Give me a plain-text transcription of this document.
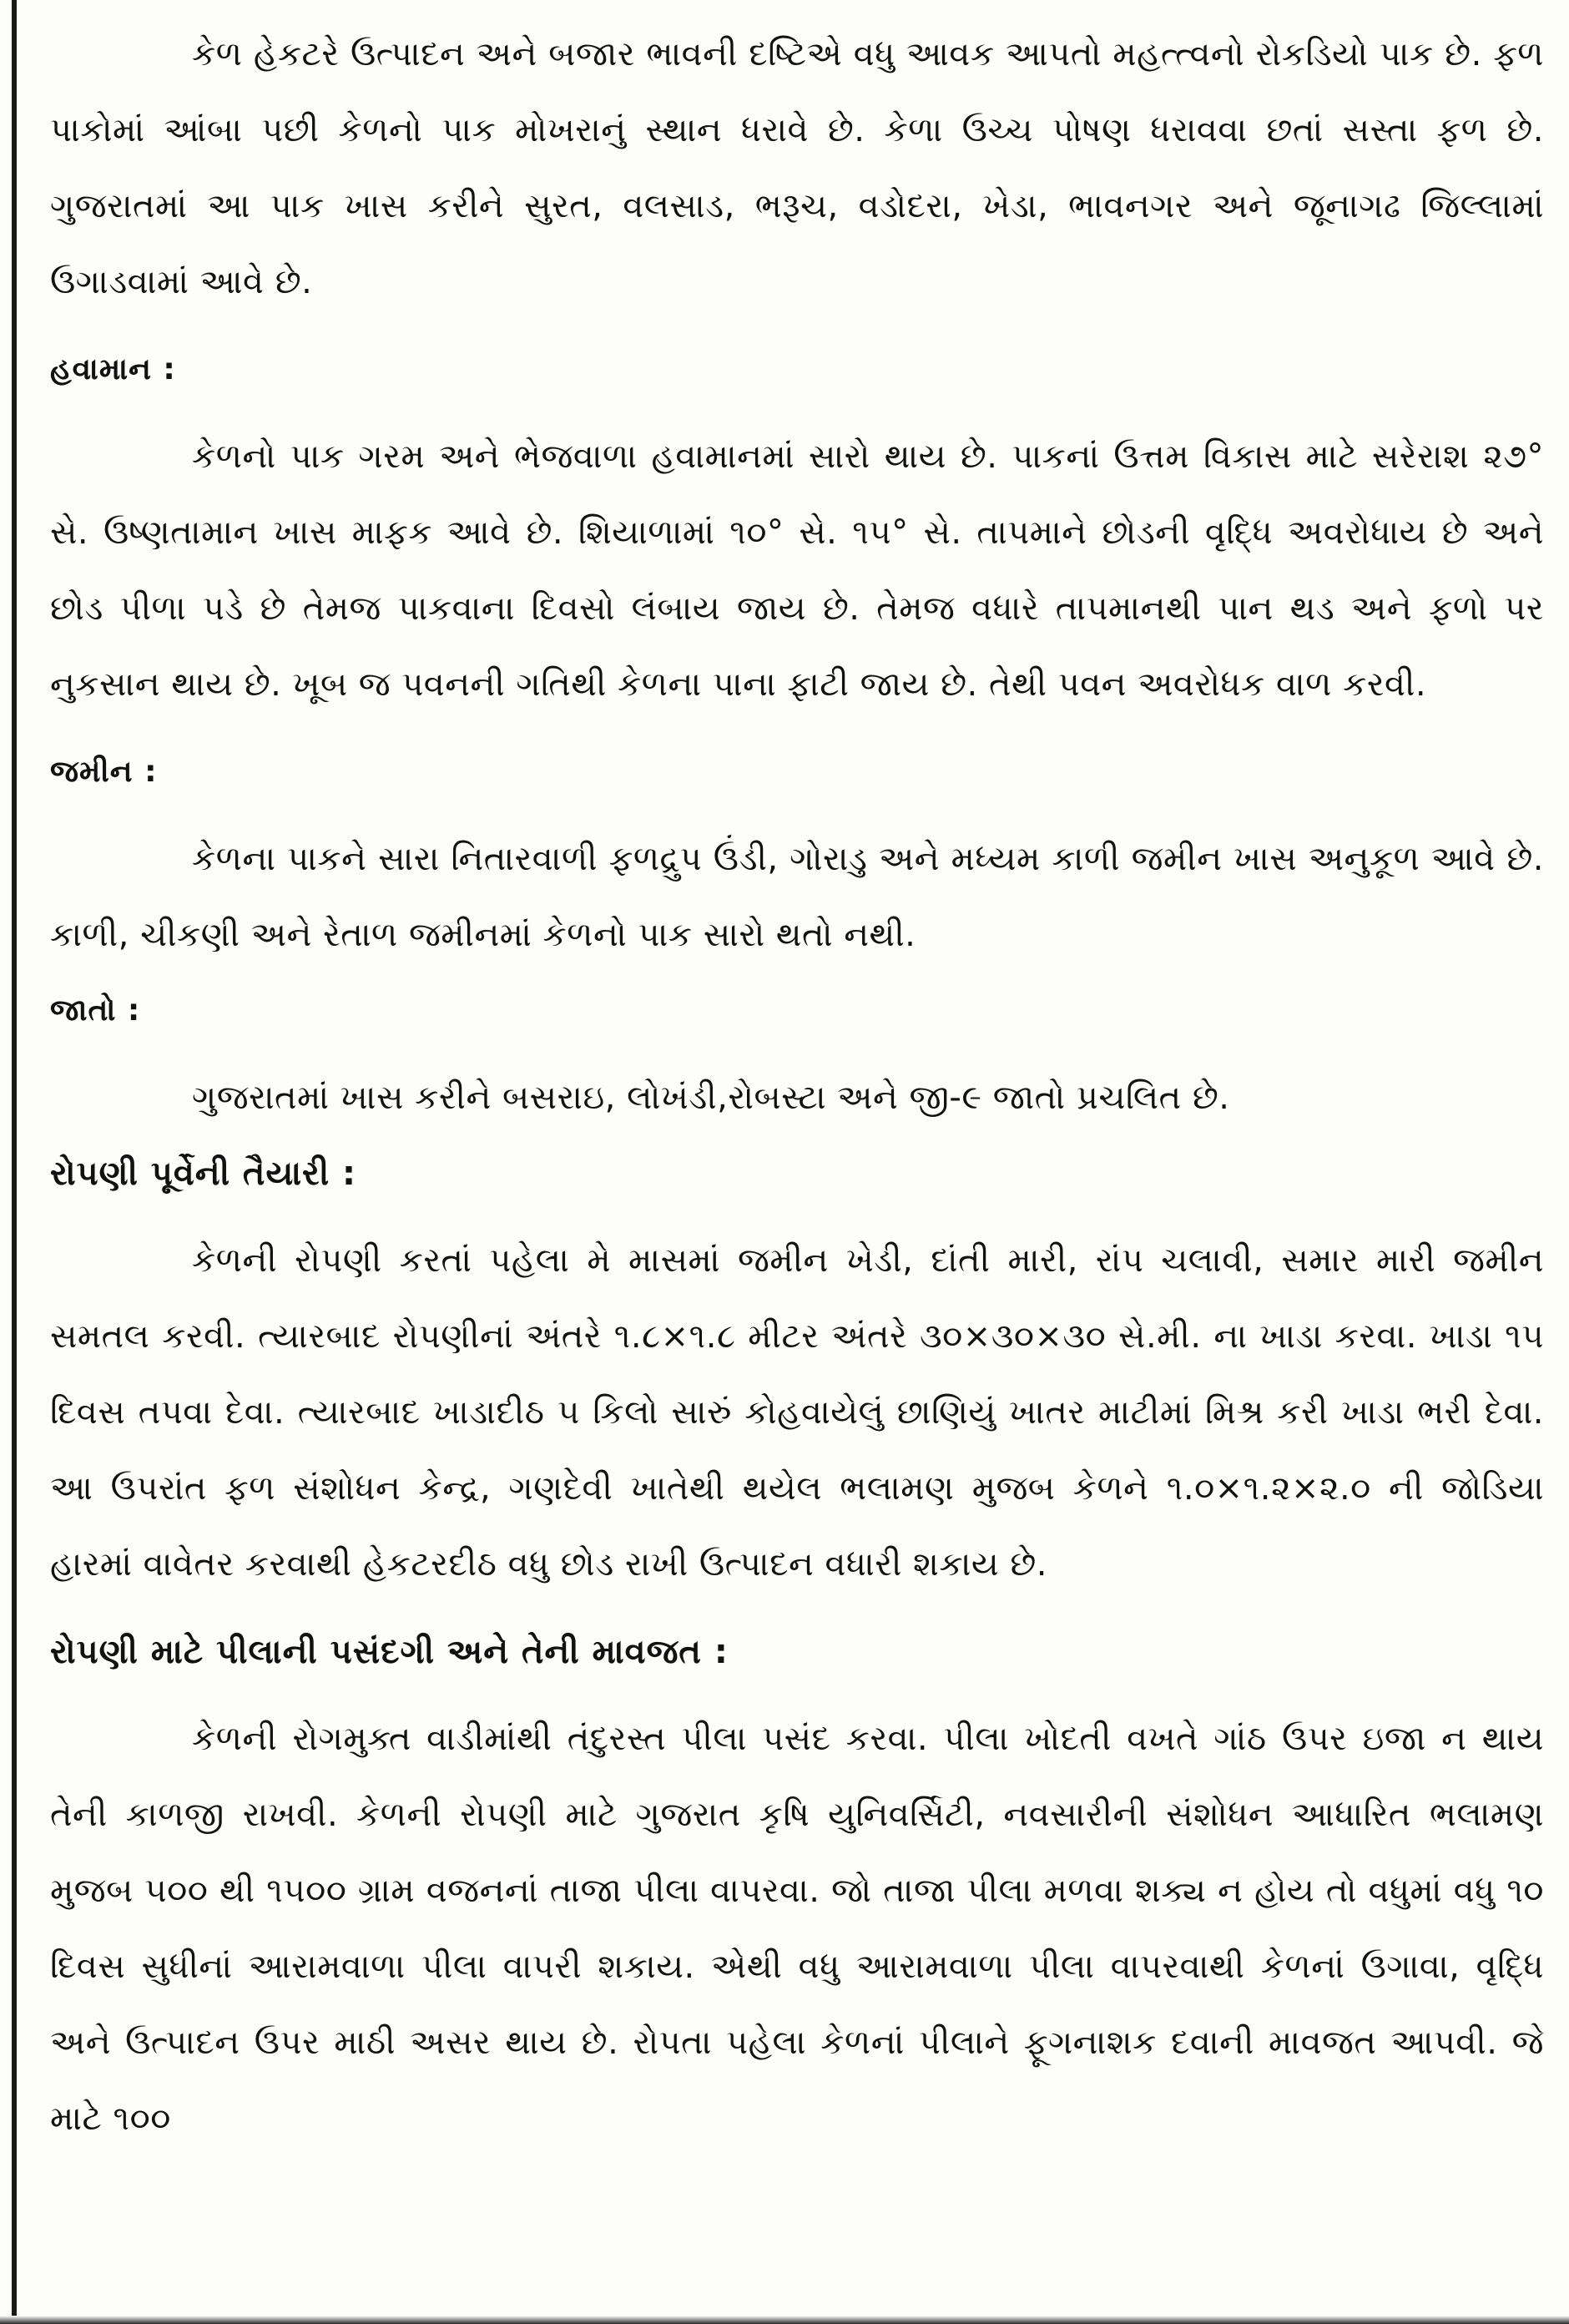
કેળ હેકટરે ઉત્પાદન અને બજાર ભાવની દષ્ટિએ વધુ આવક આપતો મહત્ત્વનો રોકડિયો પાક છે. ફળ પાકોમાં આંબા પછી કેળનો પાક મોખરાનું સ્થાન ધરાવે છે. કેળા ઉચ્ચ પોષણ ધરાવવા છતાં સસ્તા ફળ છે. ગુજરાતમાં આ પાક ખાસ કરીને સુરત, વલસાડ, ભરૂચ, વડોદરા, ખેડા, ભાવનગર અને જૂનાગઢ જિલ્લામાં ઉગાડવામાં આવે છે.

હવામાન :

કેળનો પાક ગરમ અને ભેજવાળા હવામાનમાં સારો થાય છે. પાકનાં ઉત્તમ વિકાસ માટે સરેરાશ ૨૭° સે. ઉષ્ણતામાન ખાસ માફક આવે છે. શિયાળામાં ૧૦° સે. ૧૫° સે. તાપમાને છોડની વૃદ્ધિ અવરોધાય છે અને છોડ પીળા પડે છે તેમજ પાકવાના દિવસો લંબાય જાય છે. તેમજ વધારે તાપમાનથી પાન થડ અને ફળો પર નુકસાન થાય છે. ખૂબ જ પવનની ગતિથી કેળના પાના ફાટી જાય છે. તેથી પવન અવરોધક વાળ કરવી.

જમીન :

કેળના પાકને સારા નિતારવાળી ફળદ્રુપ ઉંડી, ગોરાડુ અને મધ્યમ કાળી જમીન ખાસ અનુકૂળ આવે છે. કાળી, ચીકણી અને રેતાળ જમીનમાં કેળનો પાક સારો થતો નથી.

જાતો :

ગુજરાતમાં ખાસ કરીને બસરાઇ, લોખંડી,રોબસ્ટા અને જી-૯ જાતો પ્રચલિત છે.

રોપણી પૂર્વેની તૈયારી :

કેળની રોપણી કરતાં પહેલા મે માસમાં જમીન ખેડી, દાંતી મારી, રાંપ ચલાવી, સમાર મારી જમીન સમતલ કરવી. ત્યારબાદ રોપણીનાં અંતરે ૧.૮×૧.૮ મીટર અંતરે ૩૦×૩૦×૩૦ સે.મી. ના ખાડા કરવા. ખાડા ૧૫ દિવસ તપવા દેવા. ત્યારબાદ ખાડાદીઠ ૫ કિલો સારું કોહવાયેલું છાણિયું ખાતર માટીમાં મિશ્ર કરી ખાડા ભરી દેવા. આ ઉપરાંત ફળ સંશોધન કેન્દ્ર, ગણદેવી ખાતેથી થયેલ ભલામણ મુજબ કેળને ૧.૦×૧.૨×૨.૦ ની જોડિયા હારમાં વાવેતર કરવાથી હેકટરદીઠ વધુ છોડ રાખી ઉત્પાદન વધારી શકાય છે.

રોપણી માટે પીલાની પસંદગી અને તેની માવજત :

કેળની રોગમુક્ત વાડીમાંથી તંદુરસ્ત પીલા પસંદ કરવા. પીલા ખોદતી વખતે ગાંઠ ઉપર ઇજા ન થાય તેની કાળજી રાખવી. કેળની રોપણી માટે ગુજરાત કૃષિ યુનિવર્સિટી, નવસારીની સંશોધન આધારિત ભલામણ મુજબ ૫૦૦ થી ૧૫૦૦ ગ્રામ વજનનાં તાજા પીલા વાપરવા. જો તાજા પીલા મળવા શક્ય ન હોય તો વધુમાં વધુ ૧૦ દિવસ સુધીનાં આરામવાળા પીલા વાપરી શકાય. એથી વધુ આરામવાળા પીલા વાપરવાથી કેળનાં ઉગાવા, વૃદ્ધિ અને ઉત્પાદન ઉપર માઠી અસર થાય છે. રોપતા પહેલા કેળનાં પીલાને ફૂગનાશક દવાની માવજત આપવી. જે માટે ૧૦૦
